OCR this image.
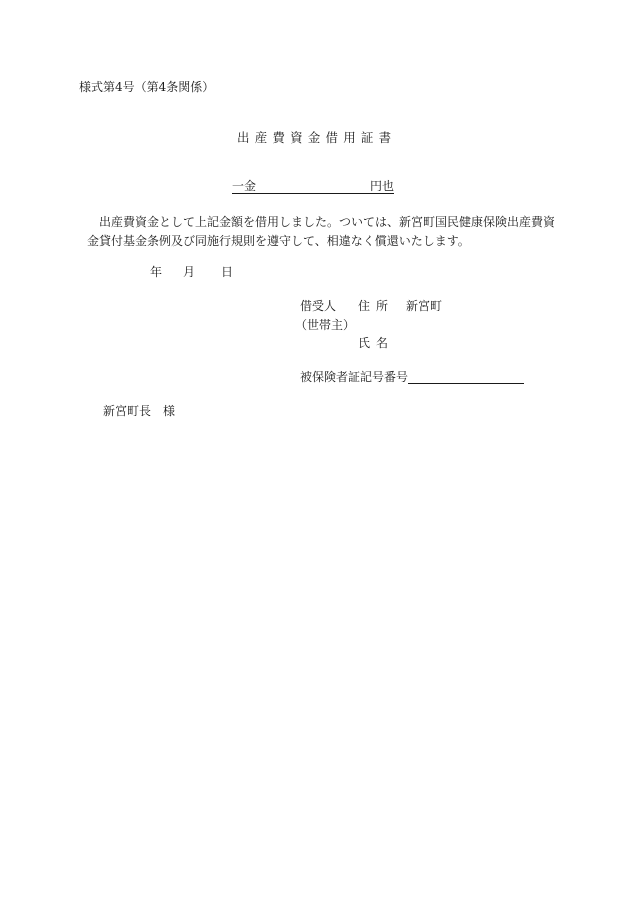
様式第4号（第4条関係）
出産費資金借用証書
一金	円也
出産費資金として上記金額を借用しました。ついては、新宮町国民健康保険出産費資
金貸付基金条例及び同施行規則を遵守して、相違なく償還いたします。
年 月 日
借受人 住所 新宮町
（世帯主）
氏名
被保険者証記号番号
新宮町長 様
